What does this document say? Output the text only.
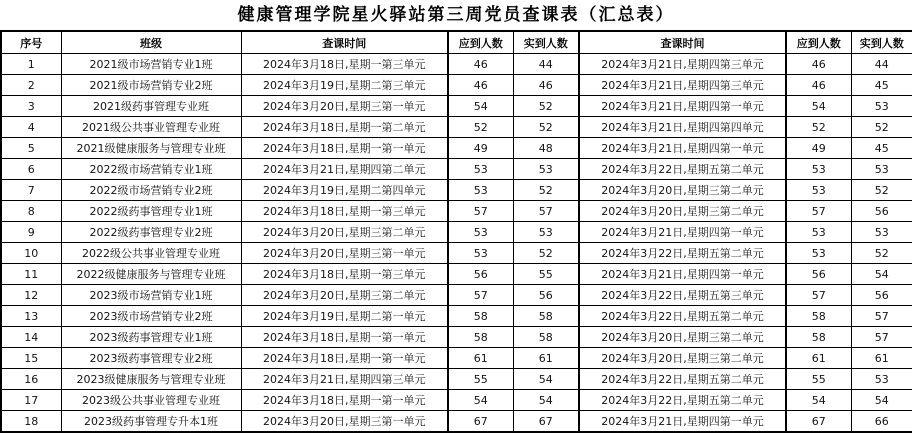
健康管理学院星火驿站第三周党员查课表（汇总表）
序号	班级	查课时间	应到人数	实到人数	查课时间	应到人数	实到人数
1	2021级市场营销专业1班	2024年3月18日,星期一第三单元	46	44	2024年3月21日,星期四第三单元	46	44
2	2021级市场营销专业2班	2024年3月19日,星期二第三单元	46	46	2024年3月21日,星期四第三单元	46	45
3	2021级药事管理专业班	2024年3月20日,星期三第一单元	54	52	2024年3月21日,星期四第一单元	54	53
4	2021级公共事业管理专业班	2024年3月18日,星期一第二单元	52	52	2024年3月21日,星期四第四单元	52	52
5	2021级健康服务与管理专业班	2024年3月18日,星期一第一单元	49	48	2024年3月21日,星期四第一单元	49	45
6	2022级市场营销专业1班	2024年3月21日,星期四第二单元	53	53	2024年3月22日,星期五第二单元	53	53
7	2022级市场营销专业2班	2024年3月19日,星期二第四单元	53	52	2024年3月20日,星期三第二单元	53	52
8	2022级药事管理专业1班	2024年3月18日,星期一第三单元	57	57	2024年3月20日,星期三第二单元	57	56
9	2022级药事管理专业2班	2024年3月20日,星期三第二单元	53	53	2024年3月21日,星期四第一单元	53	53
10	2022级公共事业管理专业班	2024年3月20日,星期三第一单元	53	52	2024年3月22日,星期五第二单元	53	52
11	2022级健康服务与管理专业班	2024年3月18日,星期一第三单元	56	55	2024年3月21日,星期四第一单元	56	54
12	2023级市场营销专业1班	2024年3月20日,星期三第二单元	57	56	2024年3月22日,星期五第三单元	57	56
13	2023级市场营销专业2班	2024年3月19日,星期二第一单元	58	58	2024年3月22日,星期五第二单元	58	57
14	2023级药事管理专业1班	2024年3月18日,星期一第一单元	58	58	2024年3月20日,星期三第二单元	58	57
15	2023级药事管理专业2班	2024年3月18日,星期一第一单元	61	61	2024年3月20日,星期三第二单元	61	61
16	2023级健康服务与管理专业班	2024年3月21日,星期四第三单元	55	54	2024年3月22日,星期五第二单元	55	53
17	2023级公共事业管理专业班	2024年3月18日,星期一第一单元	54	54	2024年3月22日,星期五第二单元	54	54
18	2023级药事管理专升本1班	2024年3月20日,星期三第一单元	67	67	2024年3月21日,星期四第一单元	67	66
